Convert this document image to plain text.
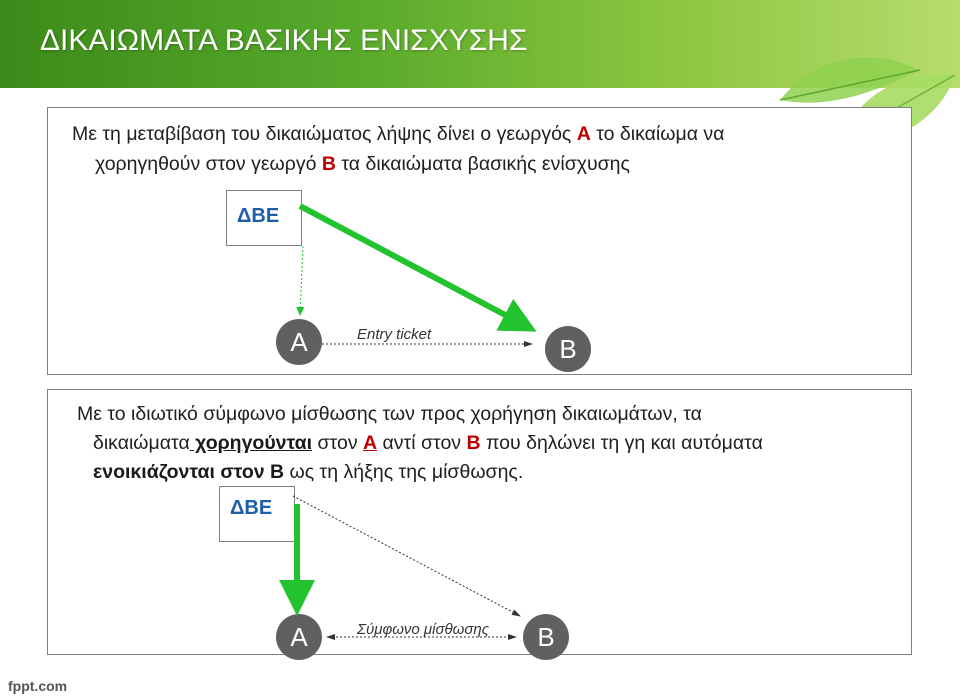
ΔΙΚΑΙΩΜΑΤΑ ΒΑΣΙΚΗΣ ΕΝΙΣΧΥΣΗΣ
Με τη μεταβίβαση του δικαιώματος λήψης δίνει ο γεωργός Α το δικαίωμα να
χορηγηθούν στον γεωργό Β τα δικαιώματα βασικής ενίσχυσης
ΔΒΕ
Α	Β
Entry ticket
Με το ιδιωτικό σύμφωνο μίσθωσης των προς χορήγηση δικαιωμάτων, τα
δικαιώματα χορηγούνται στον Α αντί στον Β που δηλώνει τη γη και αυτόματα
ενοικιάζονται στον Β ως τη λήξης της μίσθωσης.
ΔΒΕ
Α	Β
Σύμφωνο μίσθωσης
fppt.com
